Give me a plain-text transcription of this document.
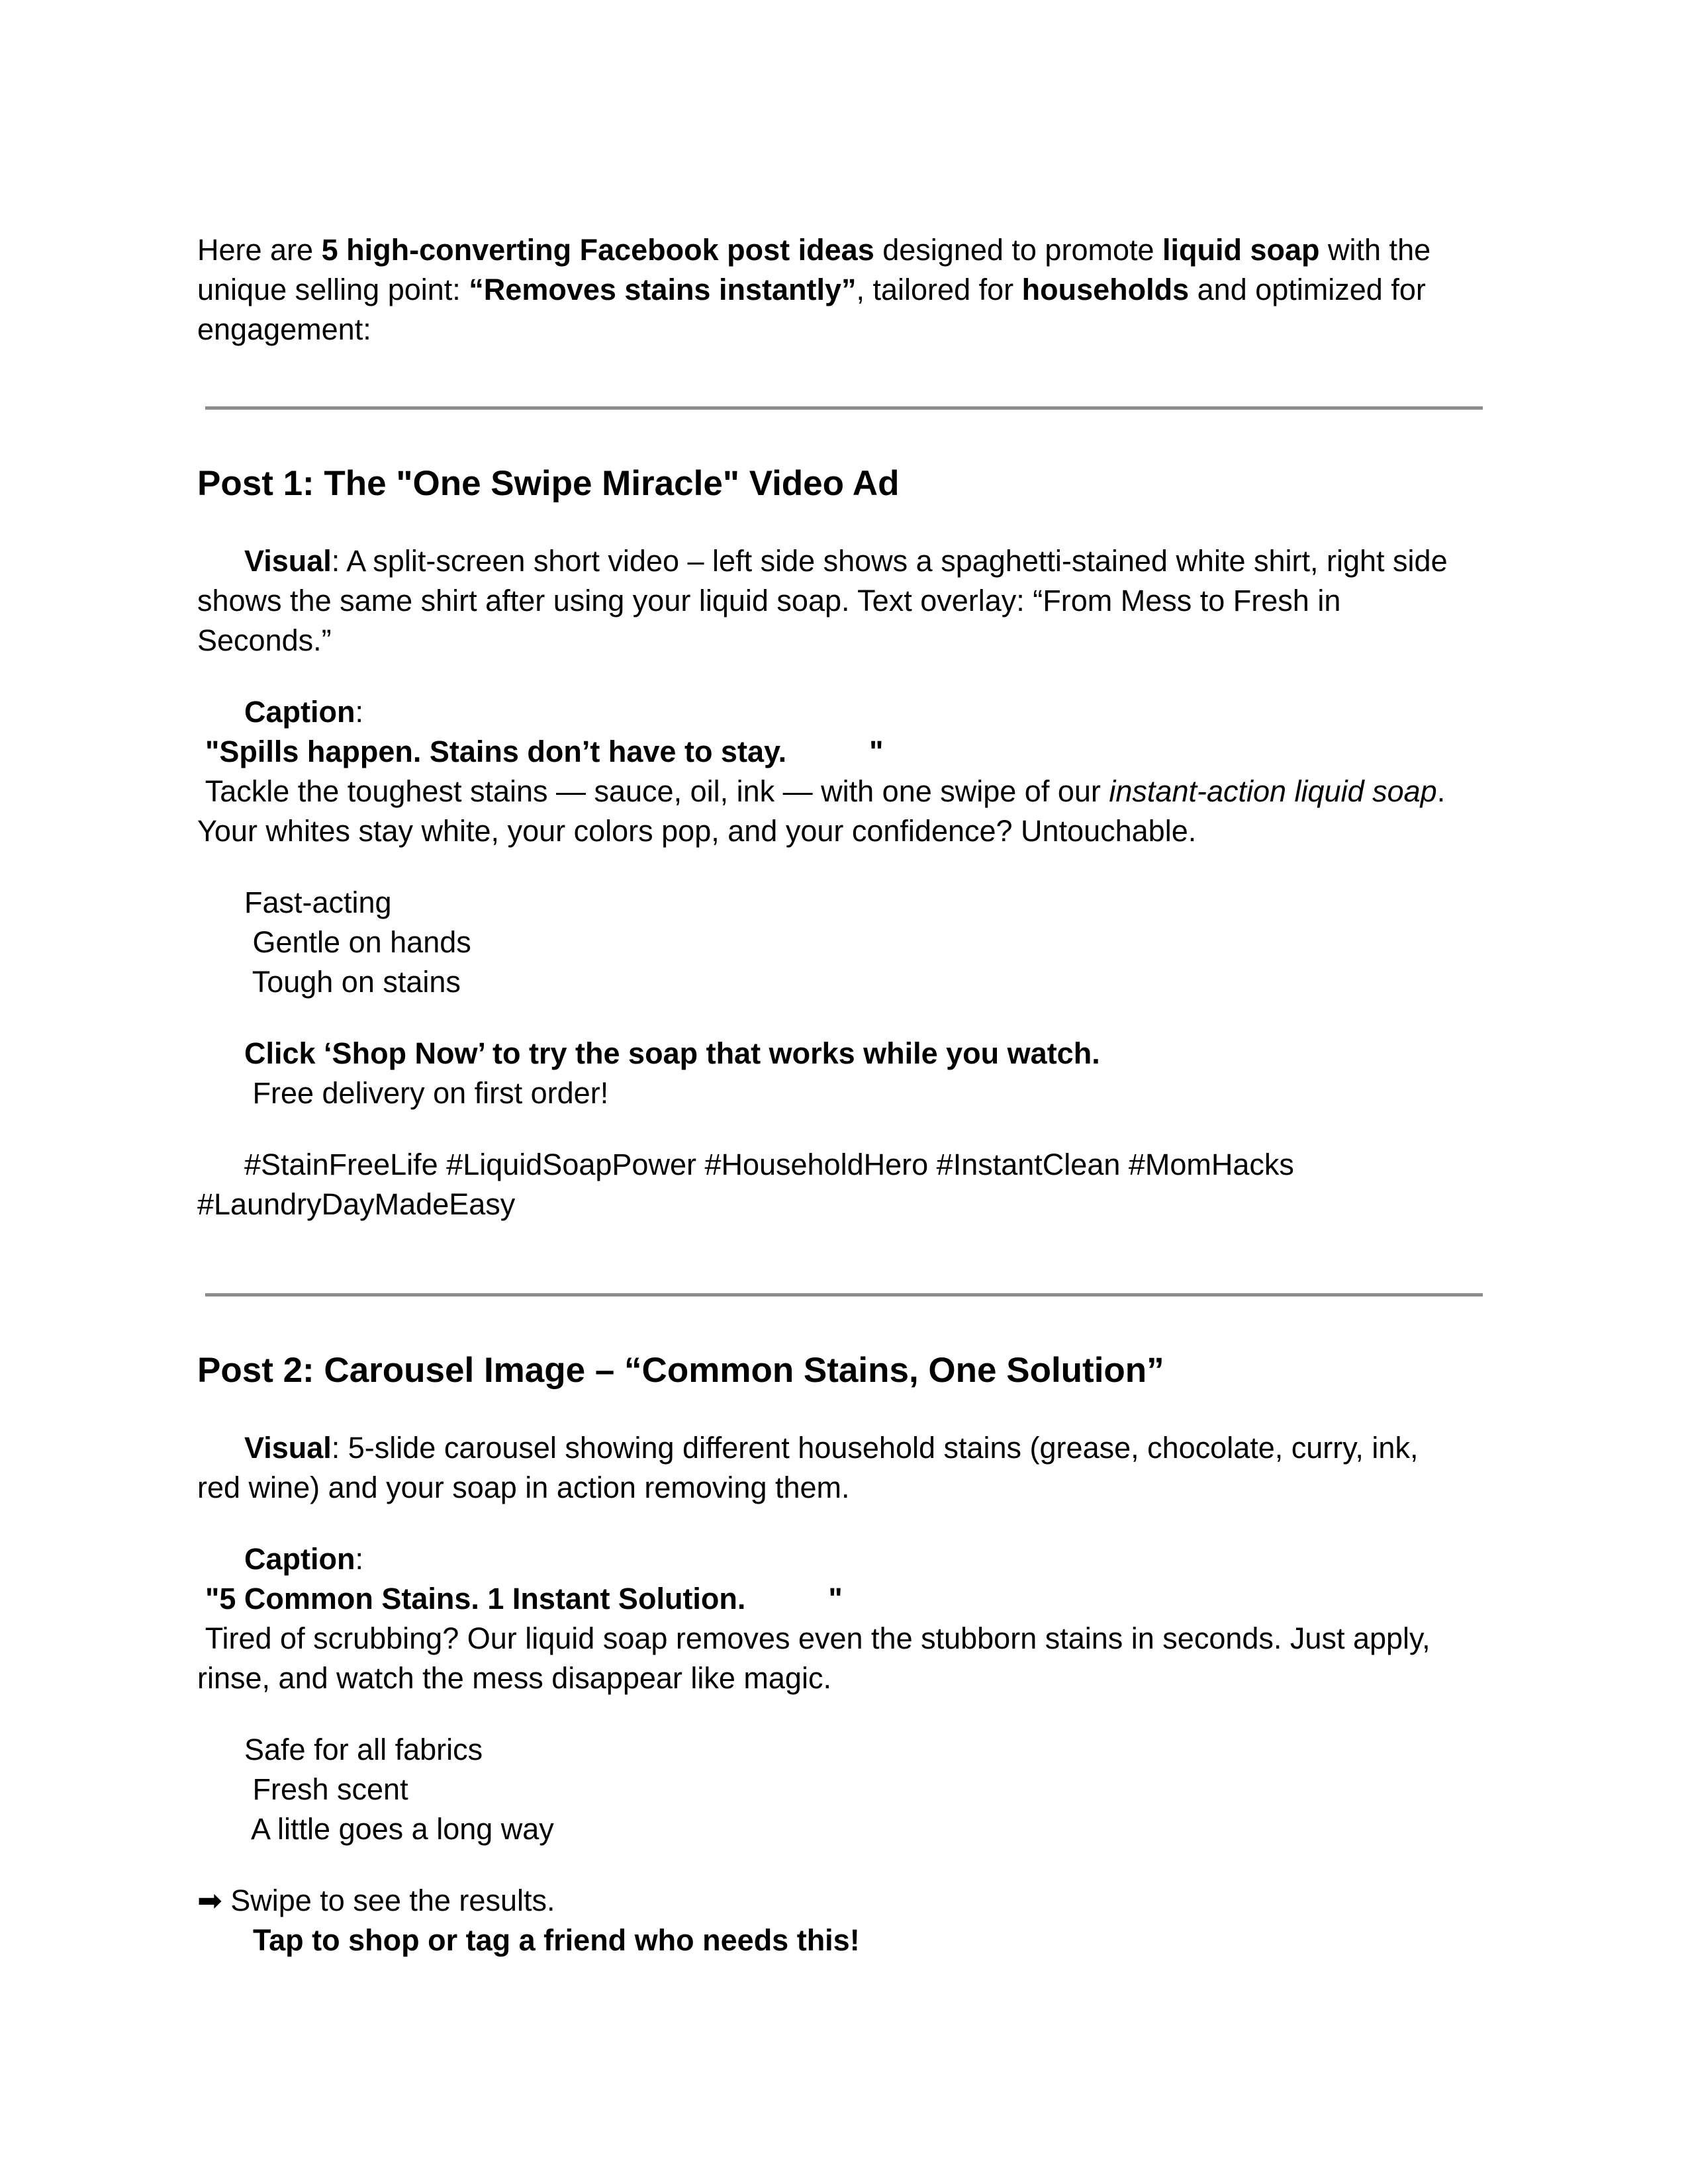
Here are 5 high-converting Facebook post ideas designed to promote liquid soap with the
unique selling point: “Removes stains instantly”, tailored for households and optimized for
engagement:
Post 1: The "One Swipe Miracle" Video Ad
Visual: A split-screen short video – left side shows a spaghetti-stained white shirt, right side
shows the same shirt after using your liquid soap. Text overlay: “From Mess to Fresh in
Seconds.”
Caption:
"Spills happen. Stains don’t have to stay.          "
Tackle the toughest stains — sauce, oil, ink — with one swipe of our instant-action liquid soap.
Your whites stay white, your colors pop, and your confidence? Untouchable.
Fast-acting
Gentle on hands
Tough on stains
Click ‘Shop Now’ to try the soap that works while you watch.
Free delivery on first order!
#StainFreeLife #LiquidSoapPower #HouseholdHero #InstantClean #MomHacks
#LaundryDayMadeEasy
Post 2: Carousel Image – “Common Stains, One Solution”
Visual: 5-slide carousel showing different household stains (grease, chocolate, curry, ink,
red wine) and your soap in action removing them.
Caption:
"5 Common Stains. 1 Instant Solution.          "
Tired of scrubbing? Our liquid soap removes even the stubborn stains in seconds. Just apply,
rinse, and watch the mess disappear like magic.
Safe for all fabrics
Fresh scent
A little goes a long way
➡ Swipe to see the results.
Tap to shop or tag a friend who needs this!
